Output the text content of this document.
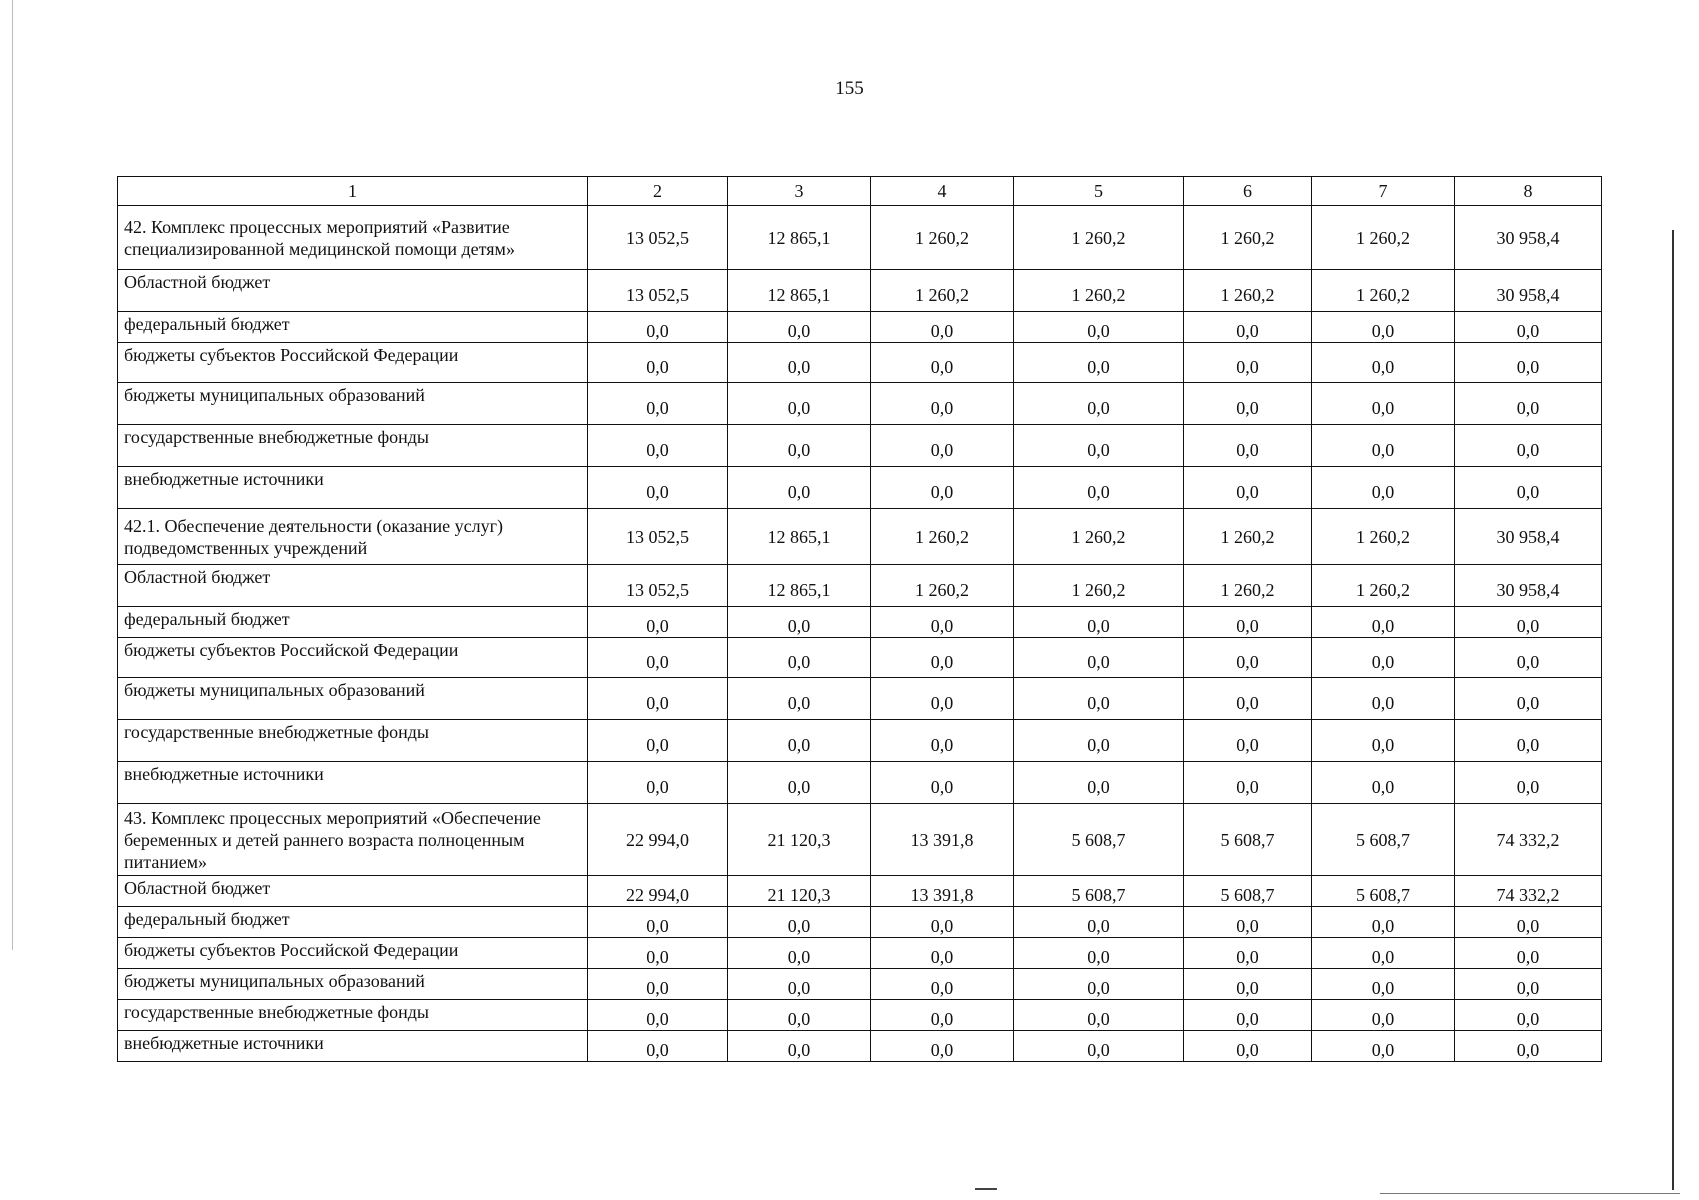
155
1	2	3	4	5	6	7	8
42. Комплекс процессных мероприятий «Развитие специализированной медицинской помощи детям»	13 052,5	12 865,1	1 260,2	1 260,2	1 260,2	1 260,2	30 958,4
Областной бюджет	13 052,5	12 865,1	1 260,2	1 260,2	1 260,2	1 260,2	30 958,4
федеральный бюджет	0,0	0,0	0,0	0,0	0,0	0,0	0,0
бюджеты субъектов Российской Федерации	0,0	0,0	0,0	0,0	0,0	0,0	0,0
бюджеты муниципальных образований	0,0	0,0	0,0	0,0	0,0	0,0	0,0
государственные внебюджетные фонды	0,0	0,0	0,0	0,0	0,0	0,0	0,0
внебюджетные источники	0,0	0,0	0,0	0,0	0,0	0,0	0,0
42.1. Обеспечение деятельности (оказание услуг) подведомственных учреждений	13 052,5	12 865,1	1 260,2	1 260,2	1 260,2	1 260,2	30 958,4
Областной бюджет	13 052,5	12 865,1	1 260,2	1 260,2	1 260,2	1 260,2	30 958,4
федеральный бюджет	0,0	0,0	0,0	0,0	0,0	0,0	0,0
бюджеты субъектов Российской Федерации	0,0	0,0	0,0	0,0	0,0	0,0	0,0
бюджеты муниципальных образований	0,0	0,0	0,0	0,0	0,0	0,0	0,0
государственные внебюджетные фонды	0,0	0,0	0,0	0,0	0,0	0,0	0,0
внебюджетные источники	0,0	0,0	0,0	0,0	0,0	0,0	0,0
43. Комплекс процессных мероприятий «Обеспечение беременных и детей раннего возраста полноценным питанием»	22 994,0	21 120,3	13 391,8	5 608,7	5 608,7	5 608,7	74 332,2
Областной бюджет	22 994,0	21 120,3	13 391,8	5 608,7	5 608,7	5 608,7	74 332,2
федеральный бюджет	0,0	0,0	0,0	0,0	0,0	0,0	0,0
бюджеты субъектов Российской Федерации	0,0	0,0	0,0	0,0	0,0	0,0	0,0
бюджеты муниципальных образований	0,0	0,0	0,0	0,0	0,0	0,0	0,0
государственные внебюджетные фонды	0,0	0,0	0,0	0,0	0,0	0,0	0,0
внебюджетные источники	0,0	0,0	0,0	0,0	0,0	0,0	0,0
